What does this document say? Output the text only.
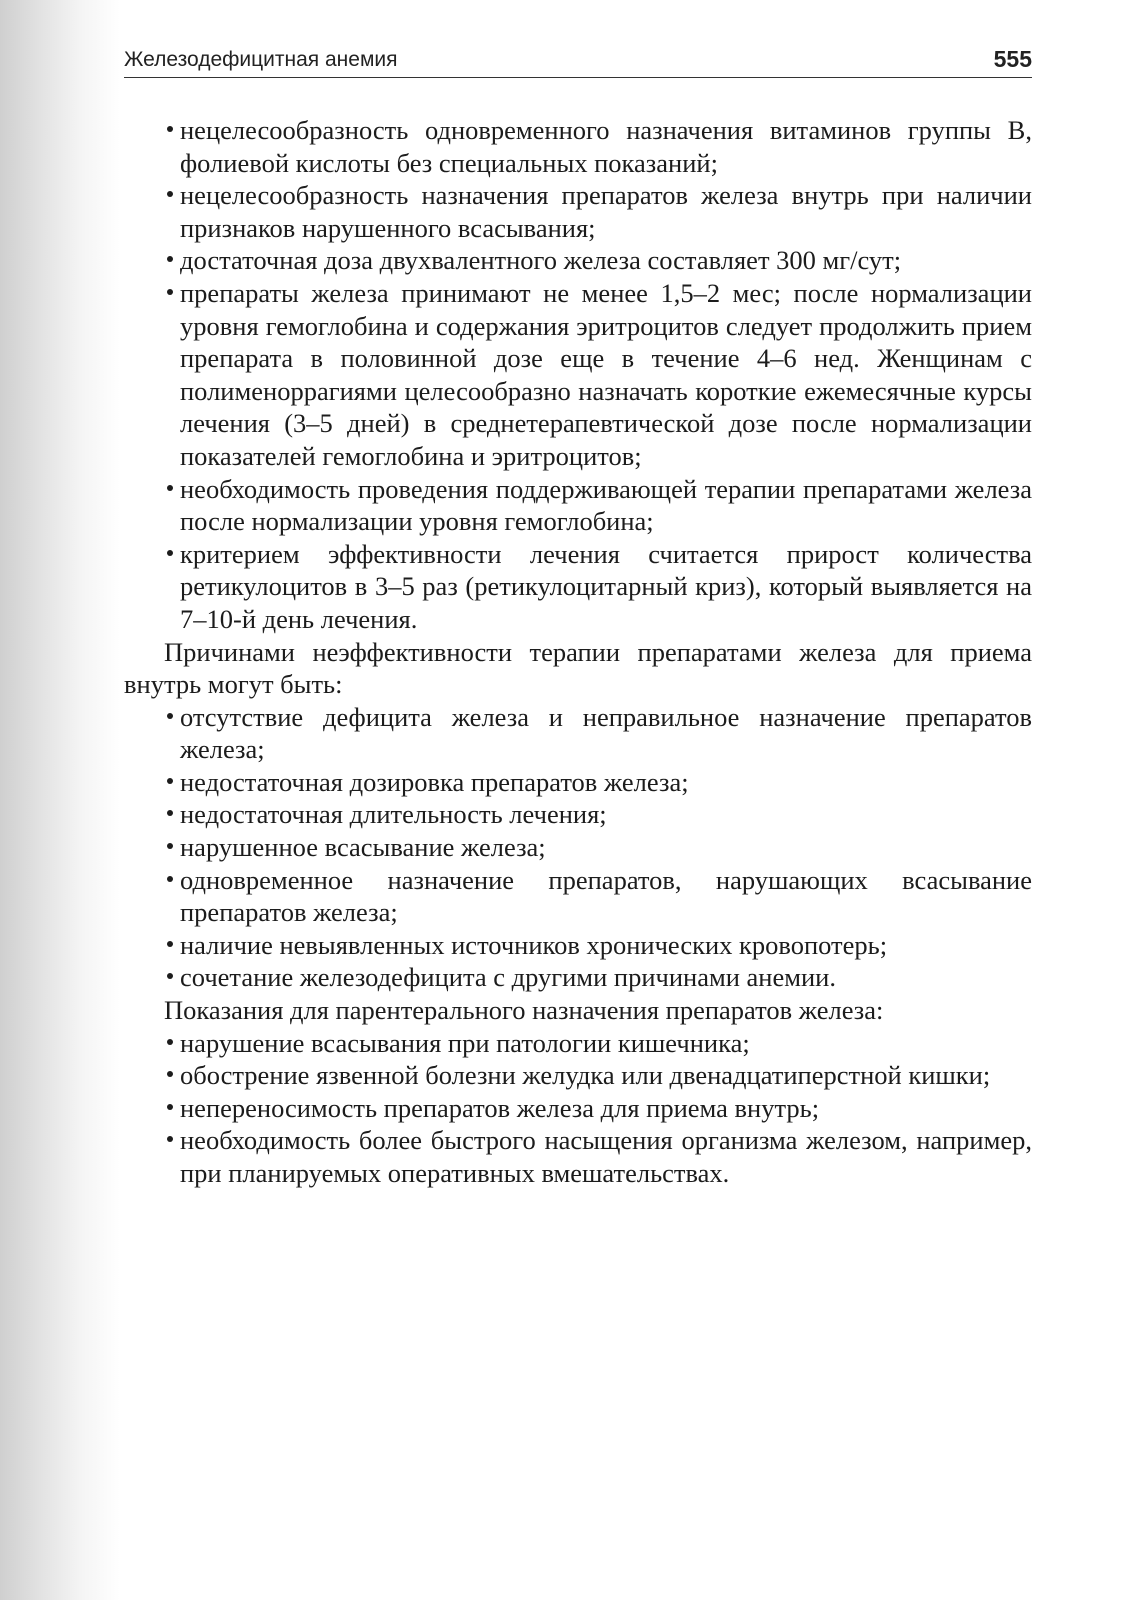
Железодефицитная анемия	555
нецелесообразность одновременного назначения витаминов группы В, фолиевой кислоты без специальных показаний;
нецелесообразность назначения препаратов железа внутрь при наличии признаков нарушенного всасывания;
достаточная доза двухвалентного железа составляет 300 мг/сут;
препараты железа принимают не менее 1,5–2 мес; после нормализации уровня гемоглобина и содержания эритроцитов следует продолжить прием препарата в половинной дозе еще в течение 4–6 нед. Женщинам с полименоррагиями целесообразно назначать короткие ежемесячные курсы лечения (3–5 дней) в среднетерапевтической дозе после нормализации показателей гемоглобина и эритроцитов;
необходимость проведения поддерживающей терапии препаратами железа после нормализации уровня гемоглобина;
критерием эффективности лечения считается прирост количества ретикулоцитов в 3–5 раз (ретикулоцитарный криз), который выявляется на 7–10-й день лечения.

Причинами неэффективности терапии препаратами железа для приема внутрь могут быть:

отсутствие дефицита железа и неправильное назначение препаратов железа;
недостаточная дозировка препаратов железа;
недостаточная длительность лечения;
нарушенное всасывание железа;
одновременное назначение препаратов, нарушающих всасывание препаратов железа;
наличие невыявленных источников хронических кровопотерь;
сочетание железодефицита с другими причинами анемии.

Показания для парентерального назначения препаратов железа:

нарушение всасывания при патологии кишечника;
обострение язвенной болезни желудка или двенадцатиперстной кишки;
непереносимость препаратов железа для приема внутрь;
необходимость более быстрого насыщения организма железом, например, при планируемых оперативных вмешательствах.
